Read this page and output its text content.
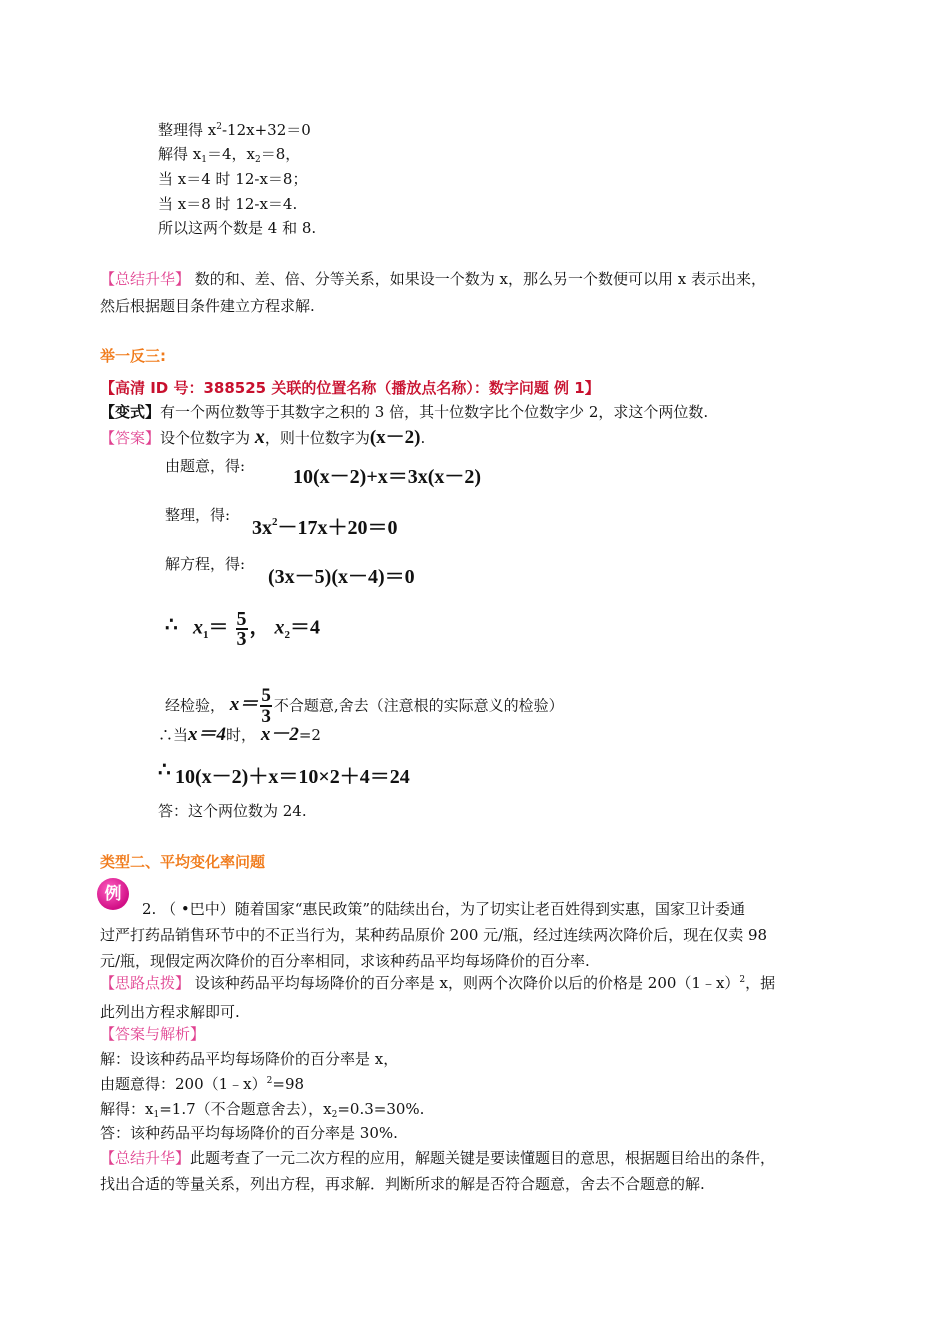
整理得 $x^2-12x+32=0$
解得 $x_1=4$，$x_2=8$，
当 x＝4 时 12-x＝8；
当 x＝8 时 12-x＝4.
所以这两个数是 4 和 8.
【总结升华】 数的和、差、倍、分等关系，如果设一个数为 x，那么另一个数便可以用 x 表示出来，
然后根据题目条件建立方程求解.
举一反三:
【高清 ID 号：388525 关联的位置名称（播放点名称）：数字问题 例 1】
【变式】有一个两位数等于其数字之积的 3 倍，其十位数字比个位数字少 2，求这个两位数.
【答案】设个位数字为 x，则十位数字为(x－2).
由题意，得: 10(x－2)+x＝3x(x－2)
整理，得:
$3x^2-17x+20=0$
解方程，得:
(3x－5)(x－4)＝0
∴ $x_1= \frac{5}{3}$ ， $x_2=4$
经检验， $x= \frac{5}{3}$ 不合题意,舍去（注意根的实际意义的检验）
∴当x＝4时， x－2=2
∴ 10(x－2)＋x＝10×2＋4＝24
答：这个两位数为 24.
类型二、平均变化率问题
例
2. （ •巴中）随着国家“惠民政策”的陆续出台，为了切实让老百姓得到实惠，国家卫计委通
过严打药品销售环节中的不正当行为，某种药品原价 200 元/瓶，经过连续两次降价后，现在仅卖 98
元/瓶，现假定两次降价的百分率相同，求该种药品平均每场降价的百分率.
【思路点拨】 设该种药品平均每场降价的百分率是 x，则两个次降价以后的价格是 200（1﹣x）$^2$，据
此列出方程求解即可.
【答案与解析】
解：设该种药品平均每场降价的百分率是 x，
由题意得：200（1﹣x）$^2$=98
解得：$x_1=1.7$（不合题意舍去），$x_2=0.3=30\%$.
答：该种药品平均每场降价的百分率是 30%.
【总结升华】此题考查了一元二次方程的应用，解题关键是要读懂题目的意思，根据题目给出的条件，
找出合适的等量关系，列出方程，再求解．判断所求的解是否符合题意，舍去不合题意的解.
